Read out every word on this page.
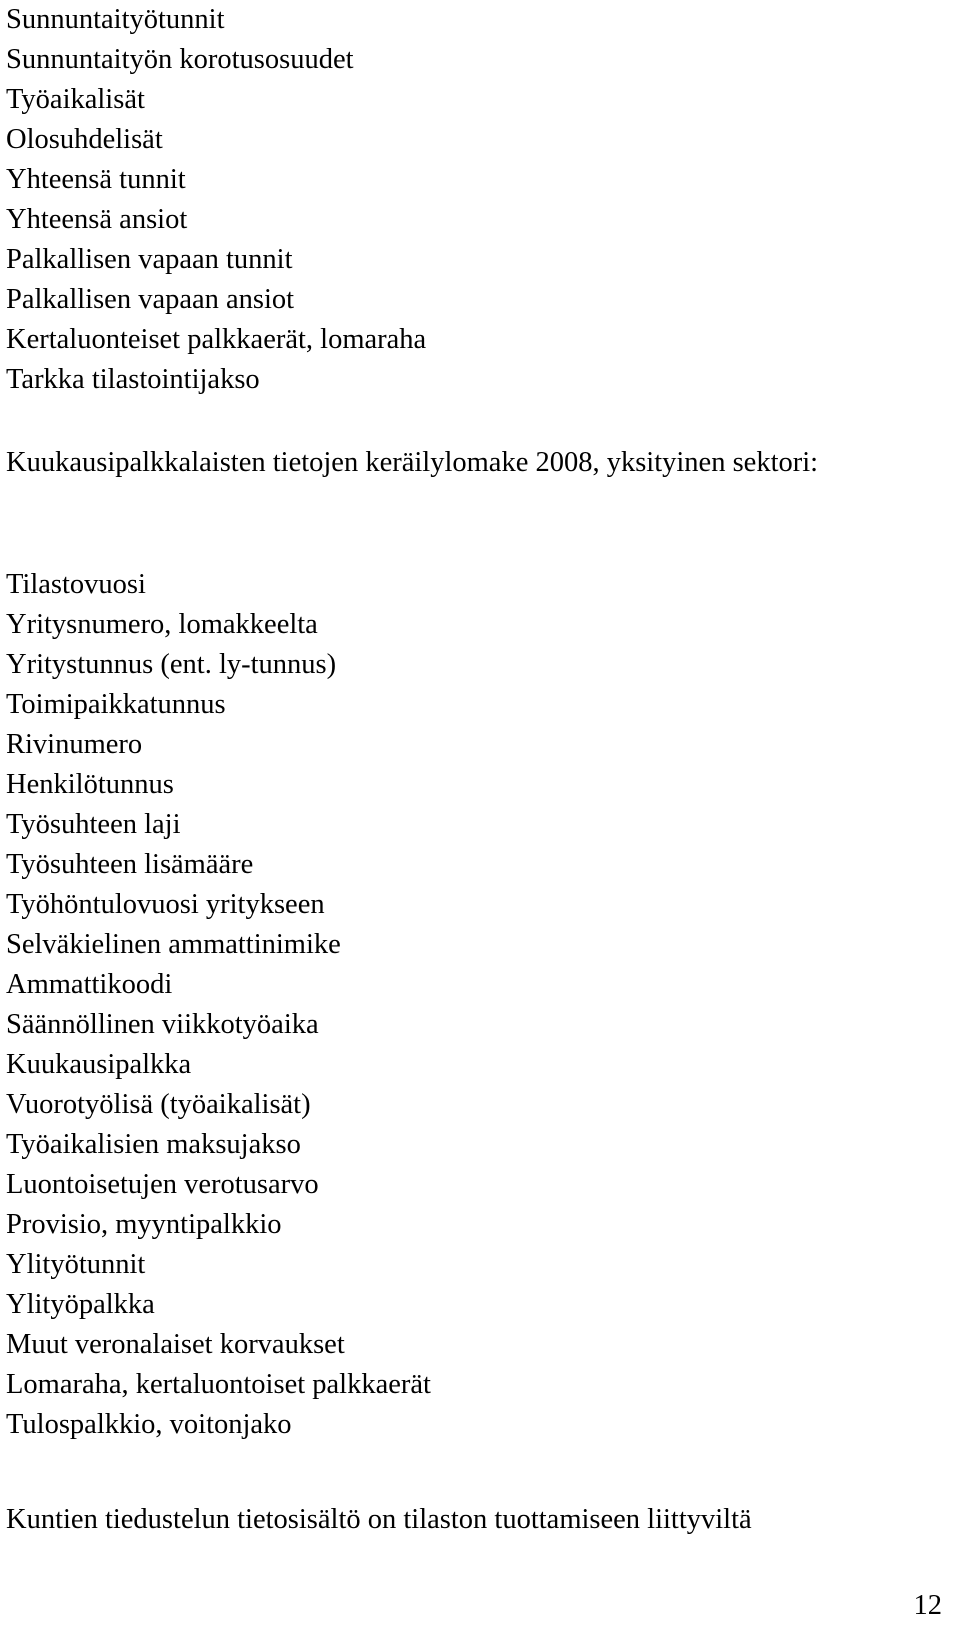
Sunnuntaityötunnit

Sunnuntaityön korotusosuudet

Työaikalisät

Olosuhdelisät

Yhteensä tunnit

Yhteensä ansiot

Palkallisen vapaan tunnit

Palkallisen vapaan ansiot

Kertaluonteiset palkkaerät, lomaraha

Tarkka tilastointijakso

Kuukausipalkkalaisten tietojen keräilylomake 2008, yksityinen sektori:

Tilastovuosi

Yritysnumero, lomakkeelta

Yritystunnus (ent. ly-tunnus)

Toimipaikkatunnus

Rivinumero

Henkilötunnus

Työsuhteen laji

Työsuhteen lisämääre

Työhöntulovuosi yritykseen

Selväkielinen ammattinimike

Ammattikoodi

Säännöllinen viikkotyöaika

Kuukausipalkka

Vuorotyölisä (työaikalisät)

Työaikalisien maksujakso

Luontoisetujen verotusarvo

Provisio, myyntipalkkio

Ylityötunnit

Ylityöpalkka

Muut veronalaiset korvaukset

Lomaraha, kertaluontoiset palkkaerät

Tulospalkkio, voitonjako

Kuntien tiedustelun tietosisältö on tilaston tuottamiseen liittyviltä

12
